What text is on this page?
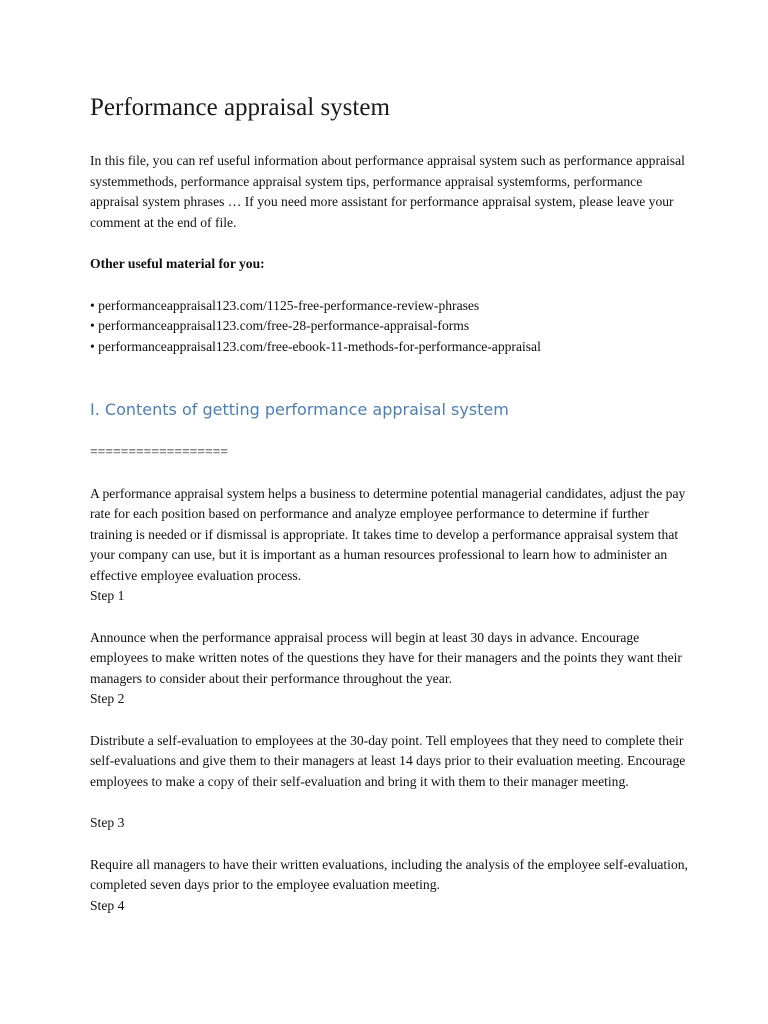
Performance appraisal system

In this file, you can ref useful information about performance appraisal system such as performance appraisal systemmethods, performance appraisal system tips, performance appraisal systemforms, performance appraisal system phrases … If you need more assistant for performance appraisal system, please leave your comment at the end of file.

Other useful material for you:

• performanceappraisal123.com/1125-free-performance-review-phrases
• performanceappraisal123.com/free-28-performance-appraisal-forms
• performanceappraisal123.com/free-ebook-11-methods-for-performance-appraisal
I. Contents of getting performance appraisal system

==================

A performance appraisal system helps a business to determine potential managerial candidates, adjust the pay rate for each position based on performance and analyze employee performance to determine if further training is needed or if dismissal is appropriate. It takes time to develop a performance appraisal system that your company can use, but it is important as a human resources professional to learn how to administer an effective employee evaluation process.

Step 1

Announce when the performance appraisal process will begin at least 30 days in advance. Encourage employees to make written notes of the questions they have for their managers and the points they want their managers to consider about their performance throughout the year.

Step 2

Distribute a self-evaluation to employees at the 30-day point. Tell employees that they need to complete their self-evaluations and give them to their managers at least 14 days prior to their evaluation meeting. Encourage employees to make a copy of their self-evaluation and bring it with them to their manager meeting.

Step 3

Require all managers to have their written evaluations, including the analysis of the employee self-evaluation, completed seven days prior to the employee evaluation meeting.

Step 4
